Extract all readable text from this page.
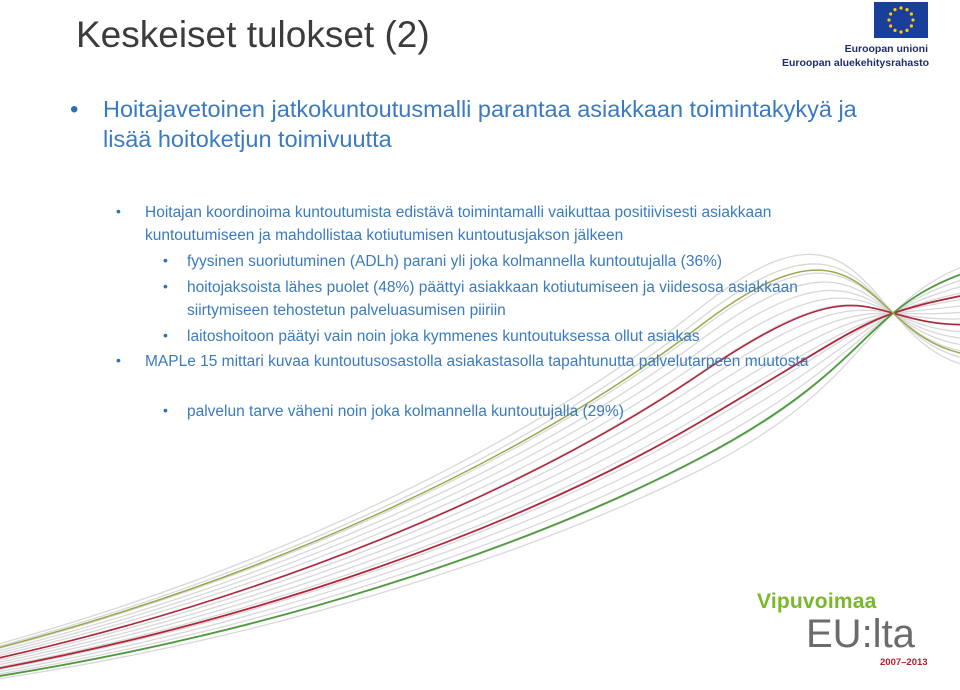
Keskeiset tulokset (2)	Euroopan unioni
Euroopan aluekehitysrahasto
• Hoitajavetoinen jatkokuntoutusmalli parantaa asiakkaan toimintakykyä ja lisää hoitoketjun toimivuutta
• Hoitajan koordinoima kuntoutumista edistävä toimintamalli vaikuttaa positiivisesti asiakkaan kuntoutumiseen ja mahdollistaa kotiutumisen kuntoutusjakson jälkeen
• fyysinen suoriutuminen (ADLh) parani yli joka kolmannella kuntoutujalla (36%)
• hoitojaksoista lähes puolet (48%) päättyi asiakkaan kotiutumiseen ja viidesosa asiakkaan siirtymiseen tehostetun palveluasumisen piiriin
• laitoshoitoon päätyi vain noin joka kymmenes kuntoutuksessa ollut asiakas
• MAPLe 15 mittari kuvaa kuntoutusosastolla asiakastasolla tapahtunutta palvelutarpeen muutosta
• palvelun tarve väheni noin joka kolmannella kuntoutujalla (29%)
Vipuvoimaa
EU:lta
2007–2013
